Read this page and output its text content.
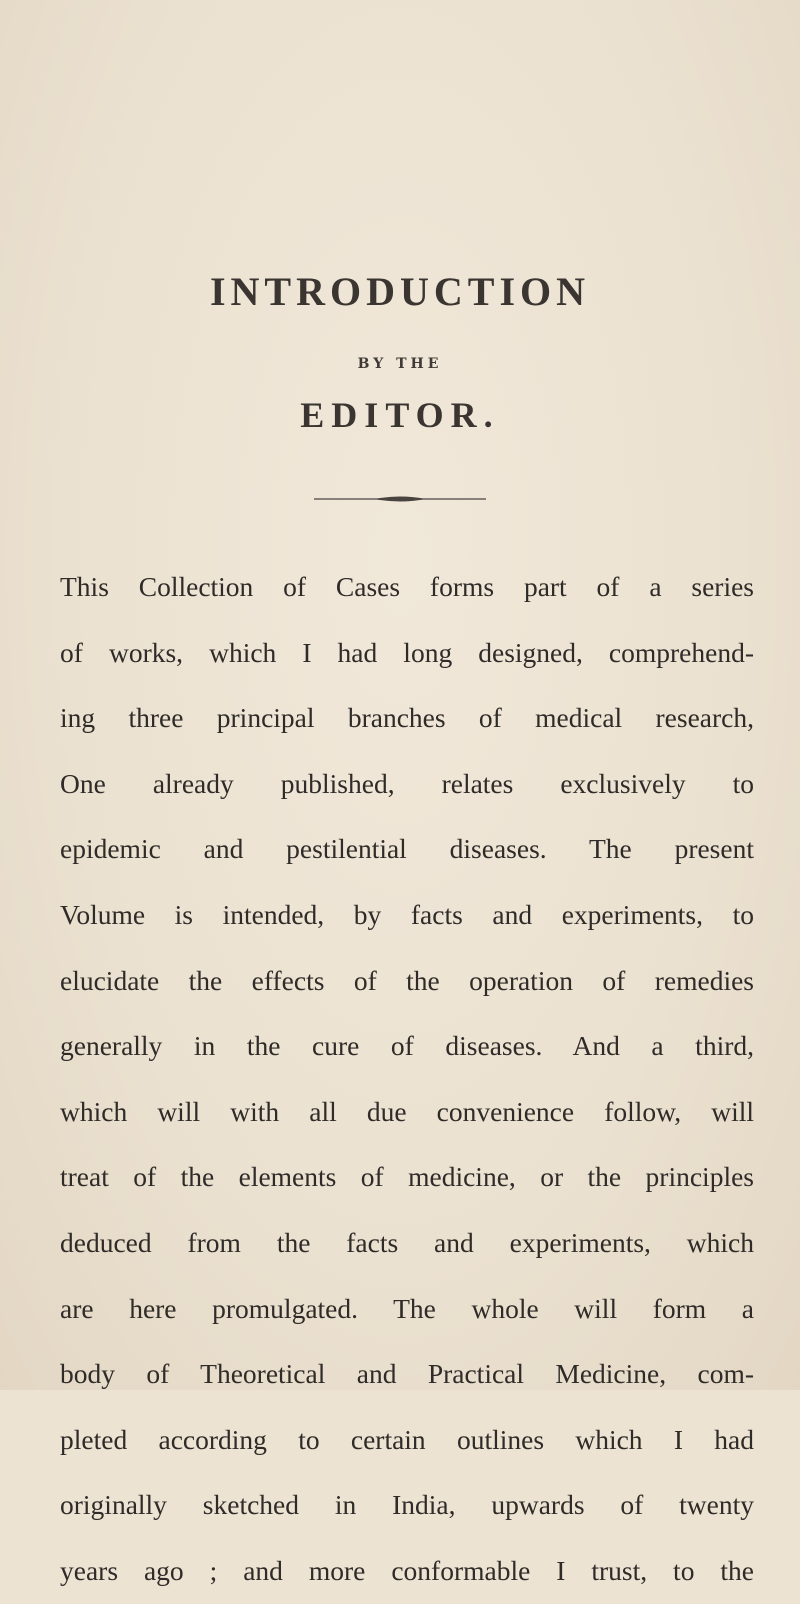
INTRODUCTION
BY THE
EDITOR.
This Collection of Cases forms part of a series
of works, which I had long designed, comprehend-
ing three principal branches of medical research,
One already published, relates exclusively to
epidemic and pestilential diseases. The present
Volume is intended, by facts and experiments, to
elucidate the effects of the operation of remedies
generally in the cure of diseases. And a third,
which will with all due convenience follow, will
treat of the elements of medicine, or the principles
deduced from the facts and experiments, which
are here promulgated. The whole will form a
body of Theoretical and Practical Medicine, com-
pleted according to certain outlines which I had
originally sketched in India, upwards of twenty
years ago ; and more conformable I trust, to the
